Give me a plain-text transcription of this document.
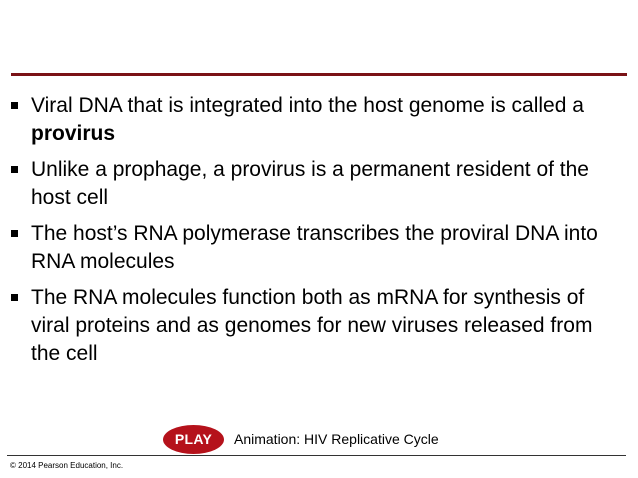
Viral DNA that is integrated into the host genome is called a provirus
Unlike a prophage, a provirus is a permanent resident of the host cell
The host’s RNA polymerase transcribes the proviral DNA into RNA molecules
The RNA molecules function both as mRNA for synthesis of viral proteins and as genomes for new viruses released from the cell
PLAY	Animation: HIV Replicative Cycle
© 2014 Pearson Education, Inc.
